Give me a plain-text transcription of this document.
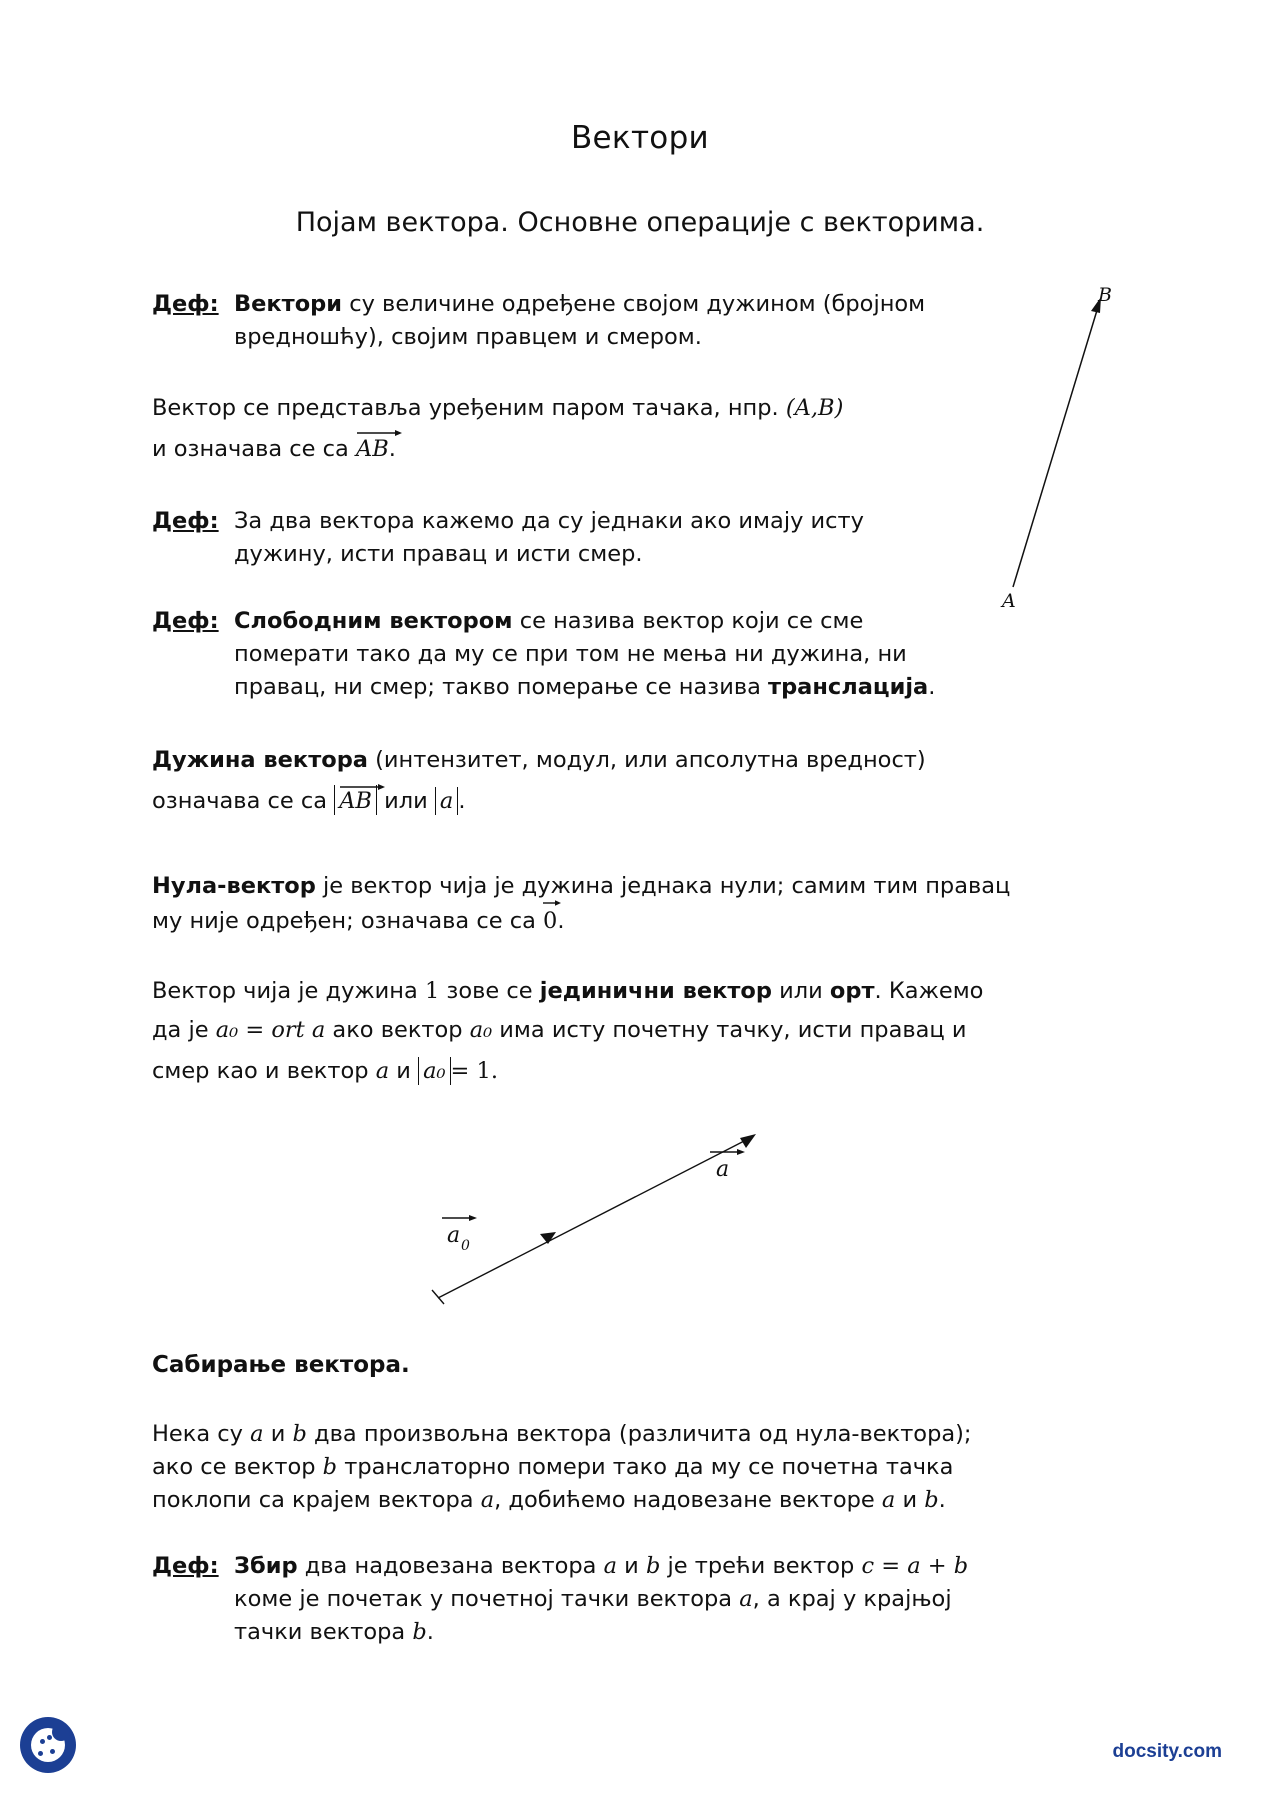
Вектори
Појам вектора. Основне операције с векторима.
Деф: Вектори су величине одређене својом дужином (бројном вредношћу), својим правцем и смером.
Вектор се представља уређеним паром тачака, нпр. (A,B)
и означава се са
AB.
Деф: За два вектора кажемо да су једнаки ако имају исту дужину, исти правац и исти смер.
Деф: Слободним вектором се назива вектор који се сме померати тако да му се при том не мења ни дужина, ни правац, ни смер; такво померање се назива транслација.
Дужина вектора (интензитет, модул, или апсолутна вредност)
означава се са
AB или a .
Нула-вектор је вектор чија је дужина једнака нули; самим тим правац му није одређен; означава се са
0.
Вектор чија је дужина 1 зове се јединични вектор или орт. Кажемо
да је a₀ = ort a ако вектор a₀ има исту почетну тачку, исти правац и
смер као и вектор a и a₀ = 1.
Сабирање вектора.
Нека су a и b два произвољна вектора (различита од нула-вектора);
ако се вектор b транслаторно помери тако да му се почетна тачка
поклопи са крајем вектора a, добићемо надовезане векторе a и b.
Деф: Збир два надовезана вектора a и b је трећи вектор c = a + b
коме је почетак у почетној тачки вектора a, а крај у крајњој
тачки вектора b.
B
A
a 0
a
docsity.com
